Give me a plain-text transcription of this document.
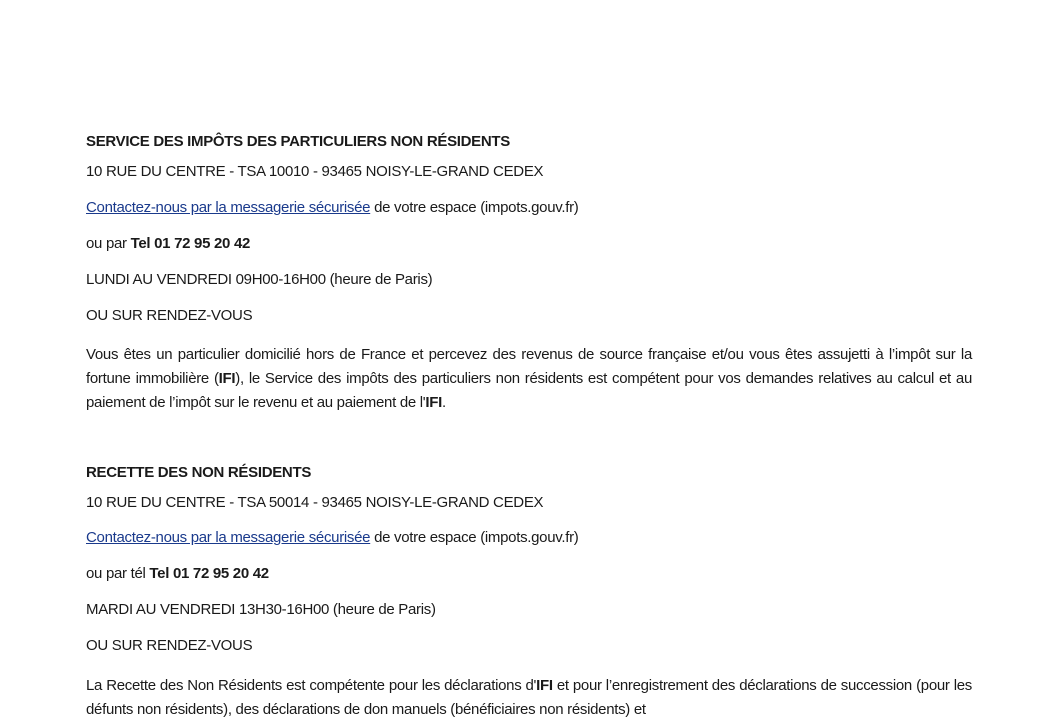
SERVICE DES IMPÔTS DES PARTICULIERS NON RÉSIDENTS
10 RUE DU CENTRE - TSA 10010 - 93465 NOISY-LE-GRAND CEDEX
Contactez-nous par la messagerie sécurisée de votre espace (impots.gouv.fr)
ou par Tel 01 72 95 20 42
LUNDI AU VENDREDI 09H00-16H00 (heure de Paris)
OU SUR RENDEZ-VOUS
Vous êtes un particulier domicilié hors de France et percevez des revenus de source française et/ou vous êtes assujetti à l’impôt sur la fortune immobilière (IFI), le Service des impôts des particuliers non résidents est compétent pour vos demandes relatives au calcul et au paiement de l’impôt sur le revenu et au paiement de l'IFI.
RECETTE DES NON RÉSIDENTS
10 RUE DU CENTRE - TSA 50014 - 93465 NOISY-LE-GRAND CEDEX
Contactez-nous par la messagerie sécurisée de votre espace (impots.gouv.fr)
ou par tél Tel 01 72 95 20 42
MARDI AU VENDREDI 13H30-16H00 (heure de Paris)
OU SUR RENDEZ-VOUS
La Recette des Non Résidents est compétente pour les déclarations d'IFI et pour l’enregistrement des déclarations de succession (pour les défunts non résidents), des déclarations de don manuels (bénéficiaires non résidents) et
